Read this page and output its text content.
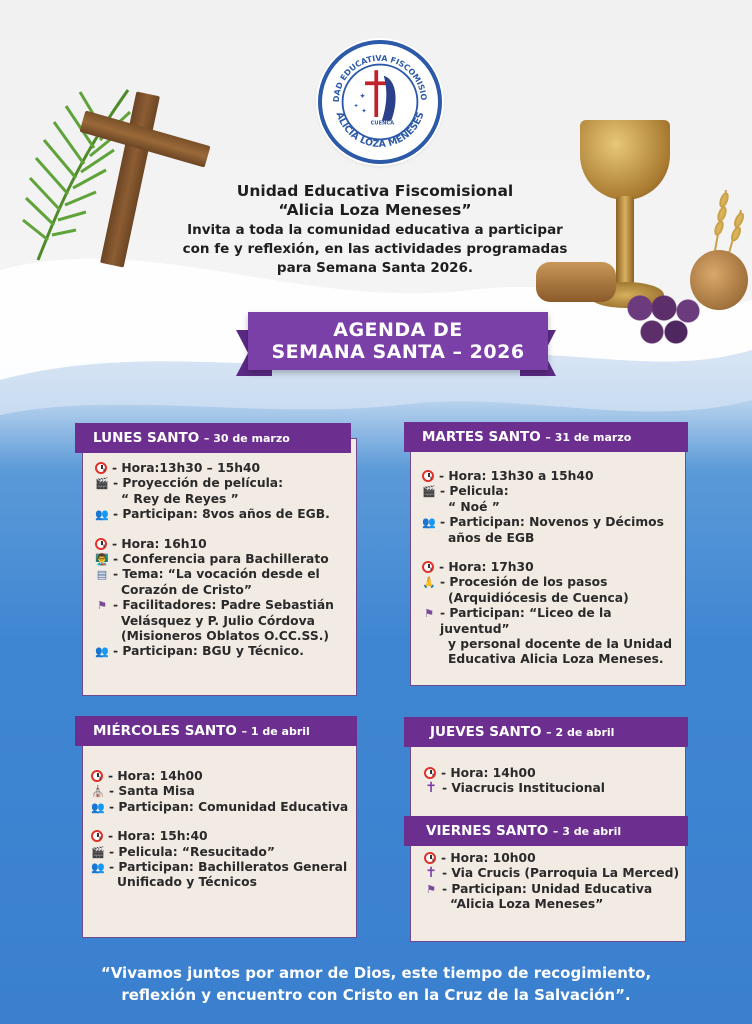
DAD EDUCATIVA FISCOMISIO
ALICIA LOZA MENESES
✦
✦
✦
CUENCA
Unidad Educativa Fiscomisional
“Alicia Loza Meneses”
Invita a toda la comunidad educativa a participar
con fe y reflexión, en las actividades programadas
para Semana Santa 2026.
AGENDA DE
SEMANA SANTA – 2026
- Hora:13h30 – 15h40
🎬 - Proyección de película:
“ Rey de Reyes ”
👥 - Participan: 8vos años de EGB.
- Hora: 16h10
👨‍🏫 - Conferencia para Bachillerato
▤ - Tema: “La vocación desde el
Corazón de Cristo”
⚑ - Facilitadores: Padre Sebastián
Velásquez y P. Julio Córdova
(Misioneros Oblatos O.CC.SS.)
👥 - Participan: BGU y Técnico.
LUNES SANTO – 30 de marzo
- Hora: 13h30 a 15h40
🎬 - Pelicula:
“ Noé ”
👥 - Participan: Novenos y Décimos
años de EGB
- Hora: 17h30
🙏 - Procesión de los pasos
(Arquidiócesis de Cuenca)
⚑ - Participan: “Liceo de la juventud”
y personal docente de la Unidad
Educativa Alicia Loza Meneses.
MARTES SANTO – 31 de marzo
- Hora: 14h00
⛪ - Santa Misa
👥 - Participan: Comunidad Educativa
- Hora: 15h:40
🎬 - Pelicula: “Resucitado”
👥 - Participan: Bachilleratos General
Unificado y Técnicos
MIÉRCOLES SANTO – 1 de abril
- Hora: 14h00
✝ - Viacrucis Institucional
- Hora: 10h00
✝ - Via Crucis (Parroquia La Merced)
⚑ - Participan: Unidad Educativa
“Alicia Loza Meneses”
JUEVES SANTO – 2 de abril
VIERNES SANTO – 3 de abril
“Vivamos juntos por amor de Dios, este tiempo de recogimiento,
reflexión y encuentro con Cristo en la Cruz de la Salvación”.
